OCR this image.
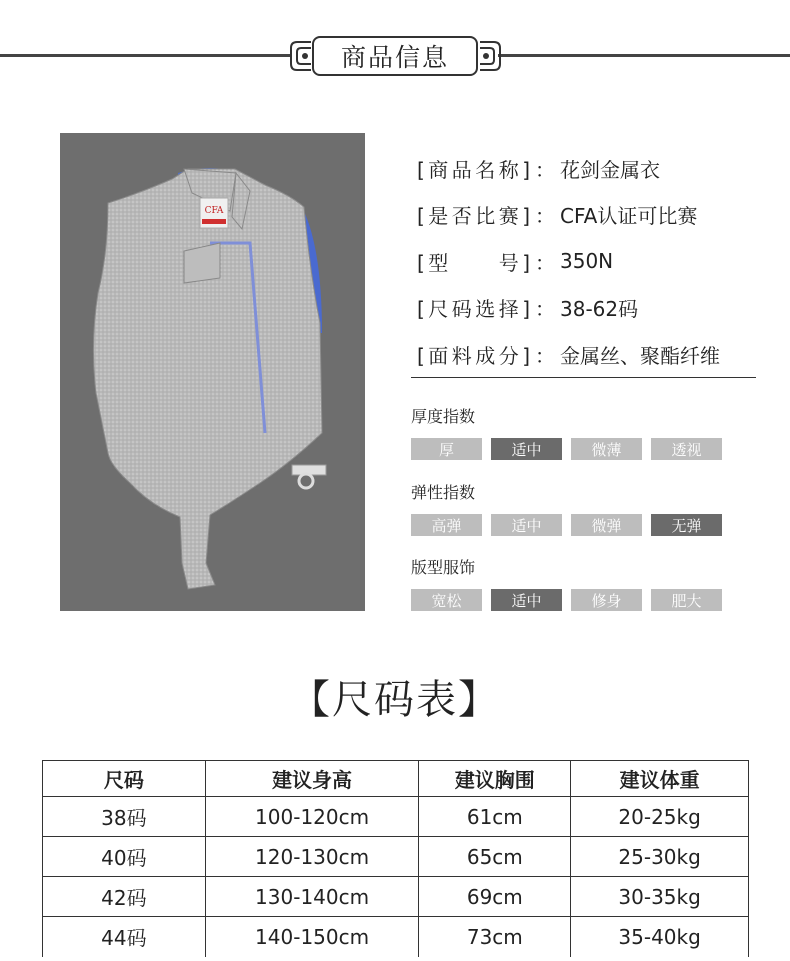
商品信息
CFA
[商品名称] ： 花剑金属衣
[是否比赛] ： CFA认证可比赛
[型　　号] ： 350N
[尺码选择] ： 38-62码
[面料成分] ： 金属丝、聚酯纤维
厚度指数
厚	适中	微薄	透视
弹性指数
高弹	适中	微弹	无弹
版型服饰
宽松	适中	修身	肥大
【尺码表】
尺码	建议身高	建议胸围	建议体重
38码	100-120cm	61cm	20-25kg
40码	120-130cm	65cm	25-30kg
42码	130-140cm	69cm	30-35kg
44码	140-150cm	73cm	35-40kg
